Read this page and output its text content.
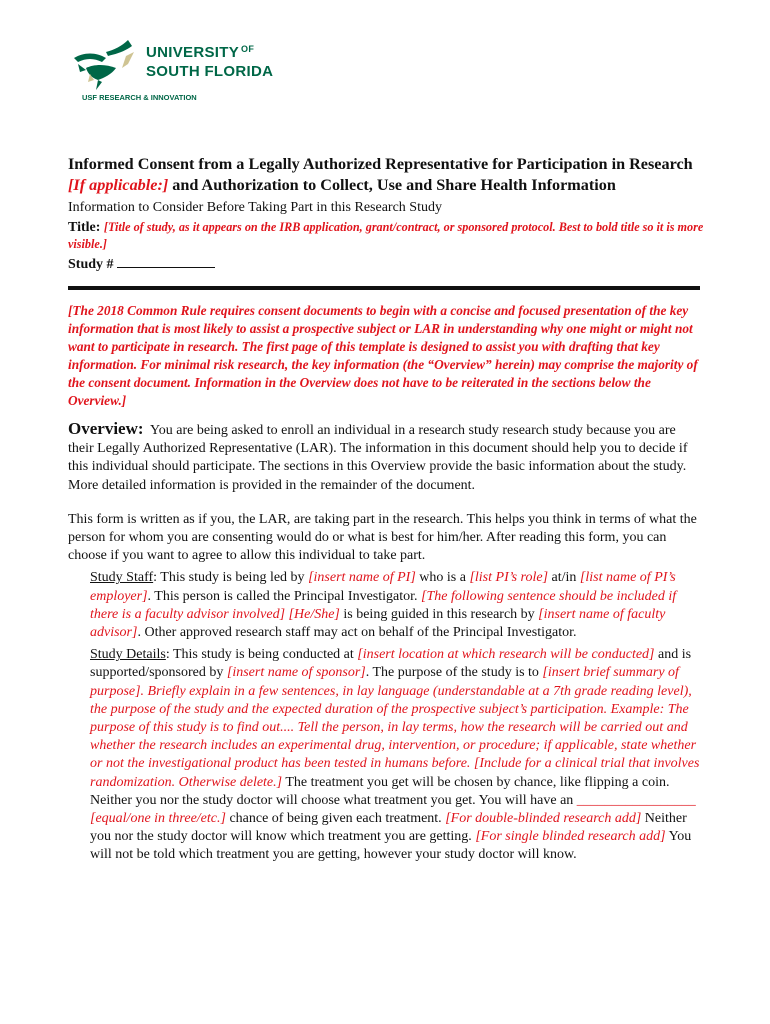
UNIVERSITY $^{OF}$
SOUTH FLORIDA
USF RESEARCH & INNOVATION

Informed Consent from a Legally Authorized Representative for Participation in Research [If applicable:] and Authorization to Collect, Use and Share Health Information

Information to Consider Before Taking Part in this Research Study
Title: [Title of study, as it appears on the IRB application, grant/contract, or sponsored protocol. Best to bold title so it is more visible.]
Study #
[The 2018 Common Rule requires consent documents to begin with a concise and focused presentation of the key information that is most likely to assist a prospective subject or LAR in understanding why one might or might not want to participate in research. The first page of this template is designed to assist you with drafting that key information. For minimal risk research, the key information (the “Overview” herein) may comprise the majority of the consent document. Information in the Overview does not have to be reiterated in the sections below the Overview.]
Overview: You are being asked to enroll an individual in a research study research study because you are their Legally Authorized Representative (LAR). The information in this document should help you to decide if this individual should participate. The sections in this Overview provide the basic information about the study. More detailed information is provided in the remainder of the document.
This form is written as if you, the LAR, are taking part in the research. This helps you think in terms of what the person for whom you are consenting would do or what is best for him/her. After reading this form, you can choose if you want to agree to allow this individual to take part.
Study Staff: This study is being led by [insert name of PI] who is a [list PI’s role] at/in [list name of PI’s employer]. This person is called the Principal Investigator. [The following sentence should be included if there is a faculty advisor involved] [He/She] is being guided in this research by [insert name of faculty advisor]. Other approved research staff may act on behalf of the Principal Investigator.
Study Details: This study is being conducted at [insert location at which research will be conducted] and is supported/sponsored by [insert name of sponsor]. The purpose of the study is to [insert brief summary of purpose]. Briefly explain in a few sentences, in lay language (understandable at a 7th grade reading level), the purpose of the study and the expected duration of the prospective subject’s participation. Example: The purpose of this study is to find out.... Tell the person, in lay terms, how the research will be carried out and whether the research includes an experimental drug, intervention, or procedure; if applicable, state whether or not the investigational product has been tested in humans before. [Include for a clinical trial that involves randomization. Otherwise delete.] The treatment you get will be chosen by chance, like flipping a coin. Neither you nor the study doctor will choose what treatment you get. You will have an _________________ [equal/one in three/etc.] chance of being given each treatment. [For double-blinded research add] Neither you nor the study doctor will know which treatment you are getting. [For single blinded research add] You will not be told which treatment you are getting, however your study doctor will know.
